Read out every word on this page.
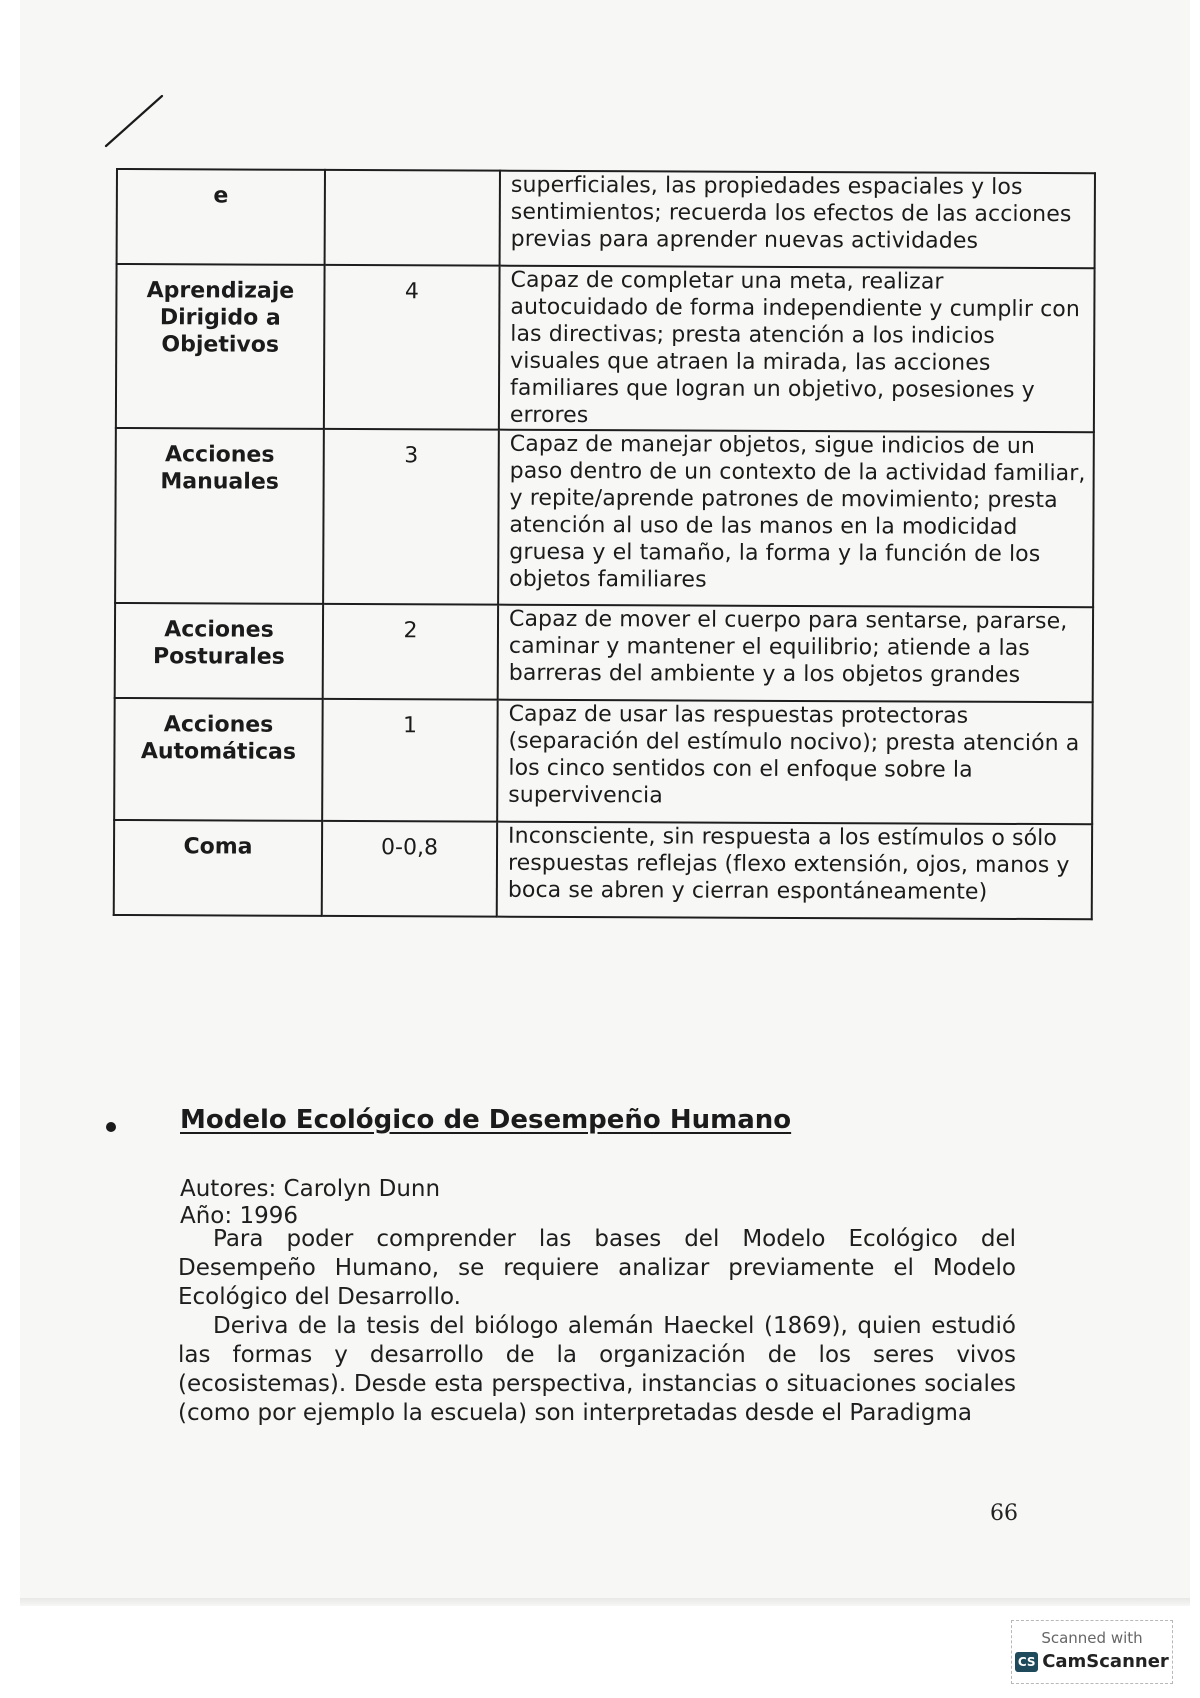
e		superficiales, las propiedades espaciales y los sentimientos; recuerda los efectos de las acciones previas para aprender nuevas actividades
Aprendizaje Dirigido a Objetivos	4	Capaz de completar una meta, realizar autocuidado de forma independiente y cumplir con las directivas; presta atención a los indicios visuales que atraen la mirada, las acciones familiares que logran un objetivo, posesiones y errores
Acciones Manuales	3	Capaz de manejar objetos, sigue indicios de un paso dentro de un contexto de la actividad familiar, y repite/aprende patrones de movimiento; presta atención al uso de las manos en la modicidad gruesa y el tamaño, la forma y la función de los objetos familiares
Acciones Posturales	2	Capaz de mover el cuerpo para sentarse, pararse, caminar y mantener el equilibrio; atiende a las barreras del ambiente y a los objetos grandes
Acciones Automáticas	1	Capaz de usar las respuestas protectoras (separación del estímulo nocivo); presta atención a los cinco sentidos con el enfoque sobre la supervivencia
Coma	0-0,8	Inconsciente, sin respuesta a los estímulos o sólo respuestas reflejas (flexo extensión, ojos, manos y boca se abren y cierran espontáneamente)
Modelo Ecológico de Desempeño Humano

Autores: Carolyn Dunn

Año: 1996

Para poder comprender las bases del Modelo Ecológico del Desempeño Humano, se requiere analizar previamente el Modelo Ecológico del Desarrollo.

Deriva de la tesis del biólogo alemán Haeckel (1869), quien estudió las formas y desarrollo de la organización de los seres vivos (ecosistemas). Desde esta perspectiva, instancias o situaciones sociales (como por ejemplo la escuela) son interpretadas desde el Paradigma

66
Scanned with
CS CamScanner
